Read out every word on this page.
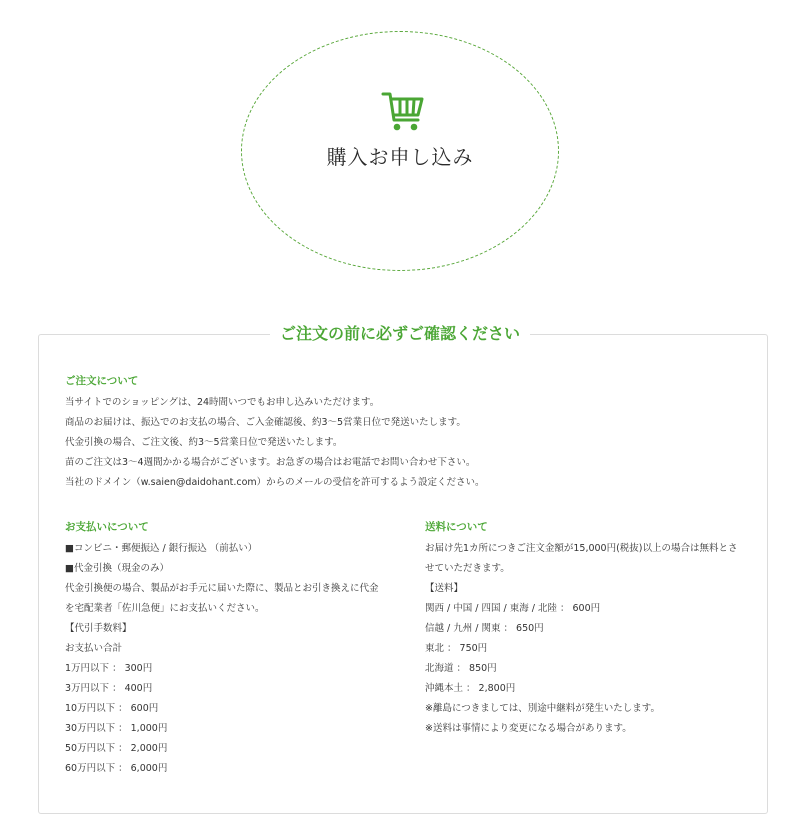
購入お申し込み
ご注文の前に必ずご確認ください
ご注文について
当サイトでのショッピングは、24時間いつでもお申し込みいただけます。
商品のお届けは、振込でのお支払の場合、ご入金確認後、約3～5営業日位で発送いたします。
代金引換の場合、ご注文後、約3～5営業日位で発送いたします。
苗のご注文は3～4週間かかる場合がございます。お急ぎの場合はお電話でお問い合わせ下さい。
当社のドメイン（w.saien@daidohant.com）からのメールの受信を許可するよう設定ください。
お支払いについて
■コンビニ・郵便振込 / 銀行振込 （前払い）
■代金引換（現金のみ）
代金引換便の場合、製品がお手元に届いた際に、製品とお引き換えに代金
を宅配業者「佐川急便」にお支払いください。
【代引手数料】
お支払い合計
1万円以下 ： 300円
3万円以下 ： 400円
10万円以下 ： 600円
30万円以下 ： 1,000円
50万円以下 ： 2,000円
60万円以下 ： 6,000円
送料について
お届け先1カ所につきご注文金額が15,000円(税抜)以上の場合は無料とさ
せていただきます。
【送料】
関西 / 中国 / 四国 / 東海 / 北陸 ： 600円
信越 / 九州 / 関東 ： 650円
東北 ： 750円
北海道 ： 850円
沖縄本土 ： 2,800円
※離島につきましては、別途中継料が発生いたします。
※送料は事情により変更になる場合があります。
